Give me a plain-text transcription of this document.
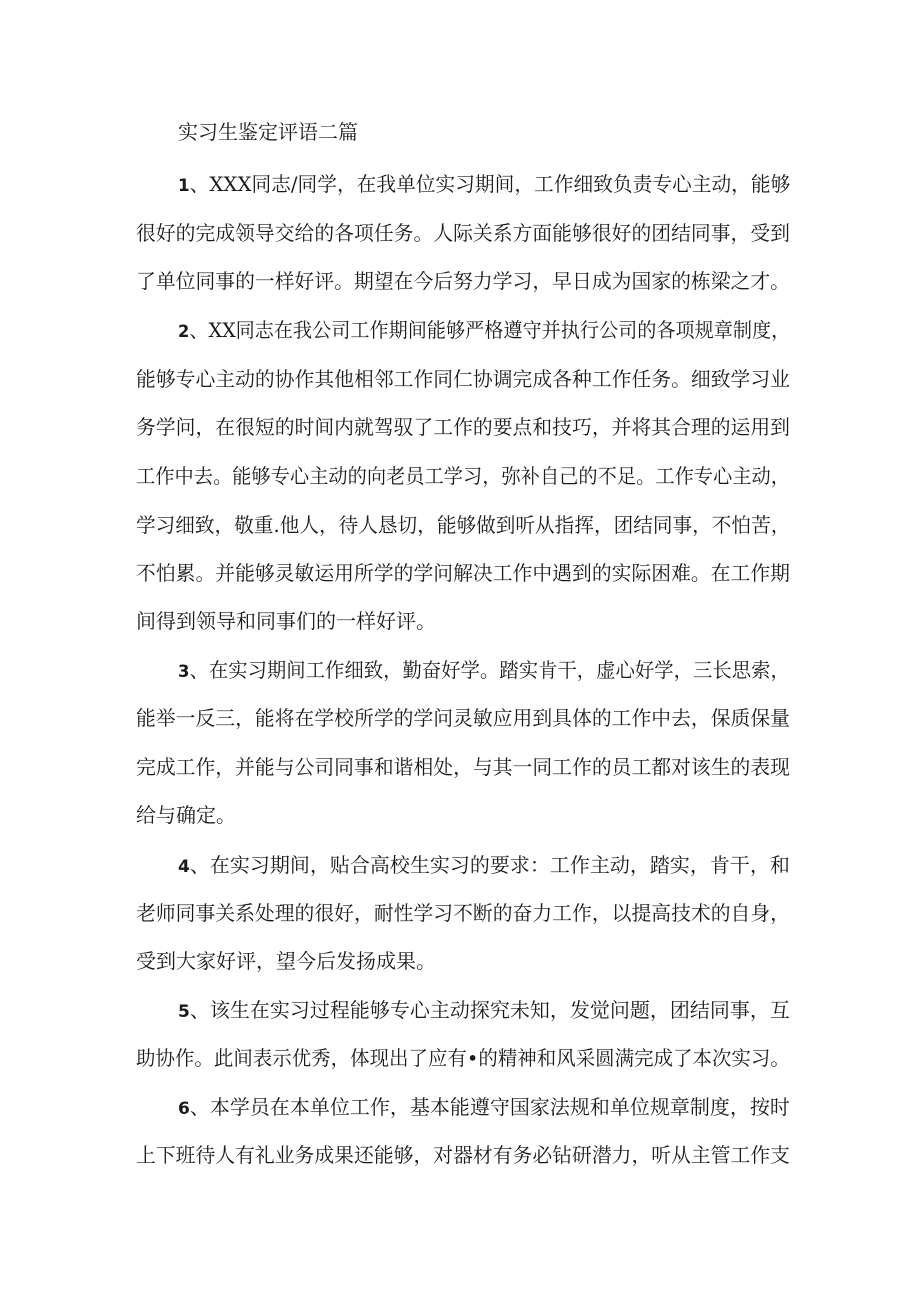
实习生鉴定评语二篇
1、XXX同志/同学，在我单位实习期间，工作细致负责专心主动，能够
很好的完成领导交给的各项任务。人际关系方面能够很好的团结同事，受到
了单位同事的一样好评。期望在今后努力学习，早日成为国家的栋梁之才。
2、XX同志在我公司工作期间能够严格遵守并执行公司的各项规章制度，
能够专心主动的协作其他相邻工作同仁协调完成各种工作任务。细致学习业
务学问，在很短的时间内就驾驭了工作的要点和技巧，并将其合理的运用到
工作中去。能够专心主动的向老员工学习，弥补自己的不足。工作专心主动，
学习细致，敬重.他人，待人恳切，能够做到听从指挥，团结同事，不怕苦，
不怕累。并能够灵敏运用所学的学问解决工作中遇到的实际困难。在工作期
间得到领导和同事们的一样好评。
3、在实习期间工作细致，勤奋好学。踏实肯干，虚心好学，三长思索，
能举一反三，能将在学校所学的学问灵敏应用到具体的工作中去，保质保量
完成工作，并能与公司同事和谐相处，与其一同工作的员工都对该生的表现
给与确定。
4、在实习期间，贴合高校生实习的要求：工作主动，踏实，肯干，和
老师同事关系处理的很好，耐性学习不断的奋力工作，以提高技术的自身，
受到大家好评，望今后发扬成果。
5、该生在实习过程能够专心主动探究未知，发觉问题，团结同事，互
助协作。此间表示优秀，体现出了应有•的精神和风采圆满完成了本次实习。
6、本学员在本单位工作，基本能遵守国家法规和单位规章制度，按时
上下班待人有礼业务成果还能够，对器材有务必钻研潜力，听从主管工作支
